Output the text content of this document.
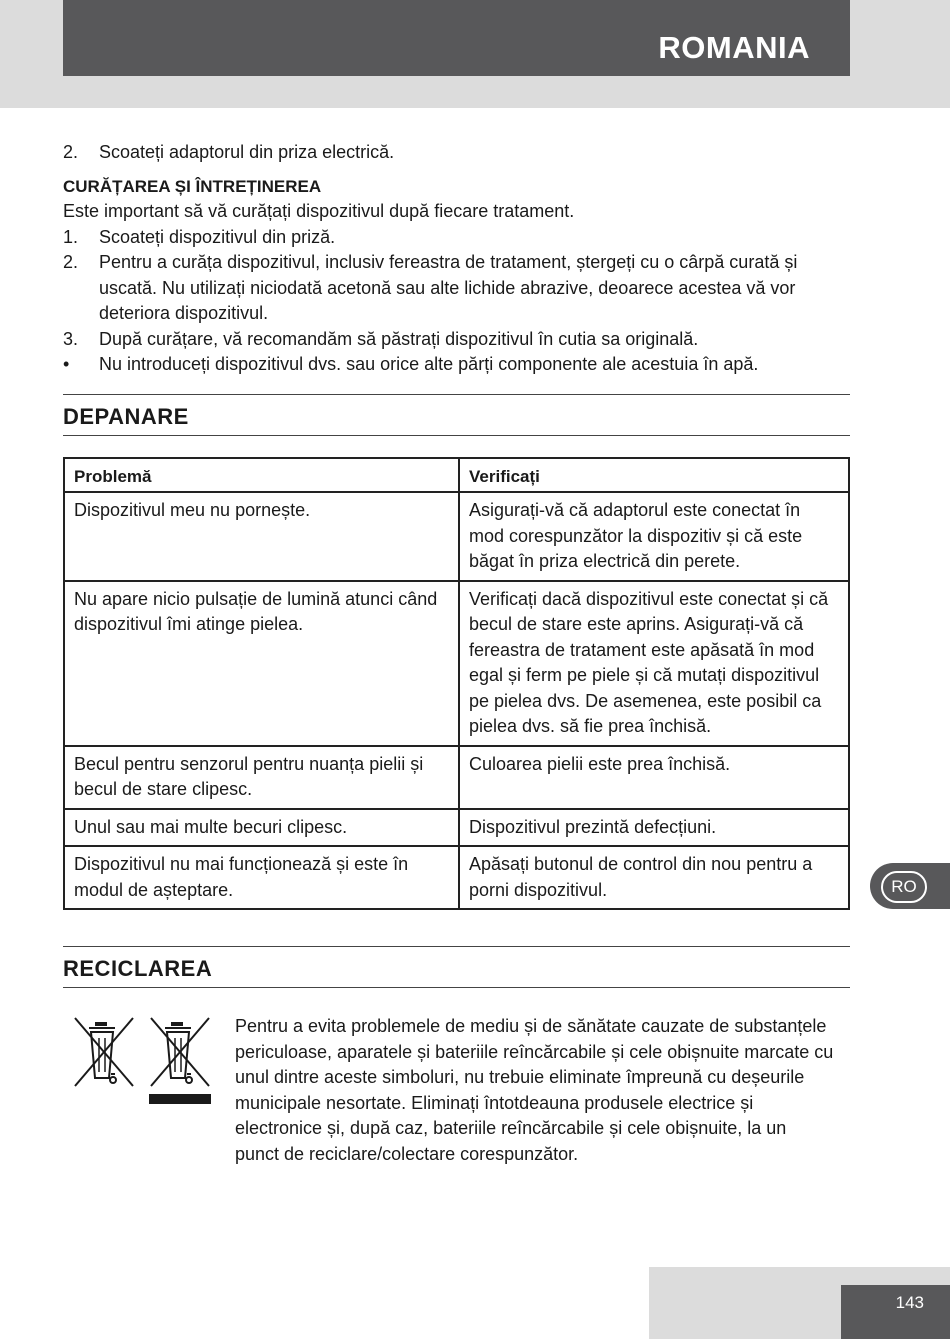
ROMANIA
2. Scoateți adaptorul din priza electrică.
CURĂȚAREA ȘI ÎNTREȚINEREA
Este important să vă curățați dispozitivul după fiecare tratament.
1. Scoateți dispozitivul din priză.
2. Pentru a curăța dispozitivul, inclusiv fereastra de tratament, ștergeți cu o cârpă curată și uscată. Nu utilizați niciodată acetonă sau alte lichide abrazive, deoarece acestea vă vor deteriora dispozitivul.
3. După curățare, vă recomandăm să păstrați dispozitivul în cutia sa originală.
• Nu introduceți dispozitivul dvs. sau orice alte părți componente ale acestuia în apă.
DEPANARE
Problemă	Verificați
Dispozitivul meu nu pornește.	Asigurați-vă că adaptorul este conectat în mod corespunzător la dispozitiv și că este băgat în priza electrică din perete.
Nu apare nicio pulsație de lumină atunci când dispozitivul îmi atinge pielea.	Verificați dacă dispozitivul este conectat și că becul de stare este aprins. Asigurați-vă că fereastra de tratament este apăsată în mod egal și ferm pe piele și că mutați dispozitivul pe pielea dvs. De asemenea, este posibil ca pielea dvs. să fie prea închisă.
Becul pentru senzorul pentru nuanța pielii și becul de stare clipesc.	Culoarea pielii este prea închisă.
Unul sau mai multe becuri clipesc.	Dispozitivul prezintă defecțiuni.
Dispozitivul nu mai funcționează și este în modul de așteptare.	Apăsați butonul de control din nou pentru a porni dispozitivul.
RECICLAREA
Pentru a evita problemele de mediu și de sănătate cauzate de substanțele periculoase, aparatele și bateriile reîncărcabile și cele obișnuite marcate cu unul dintre aceste simboluri, nu trebuie eliminate împreună cu deșeurile municipale nesortate. Eliminați întotdeauna produsele electrice și electronice și, după caz, bateriile reîncărcabile și cele obișnuite, la un punct de reciclare/colectare corespunzător.
RO
143
